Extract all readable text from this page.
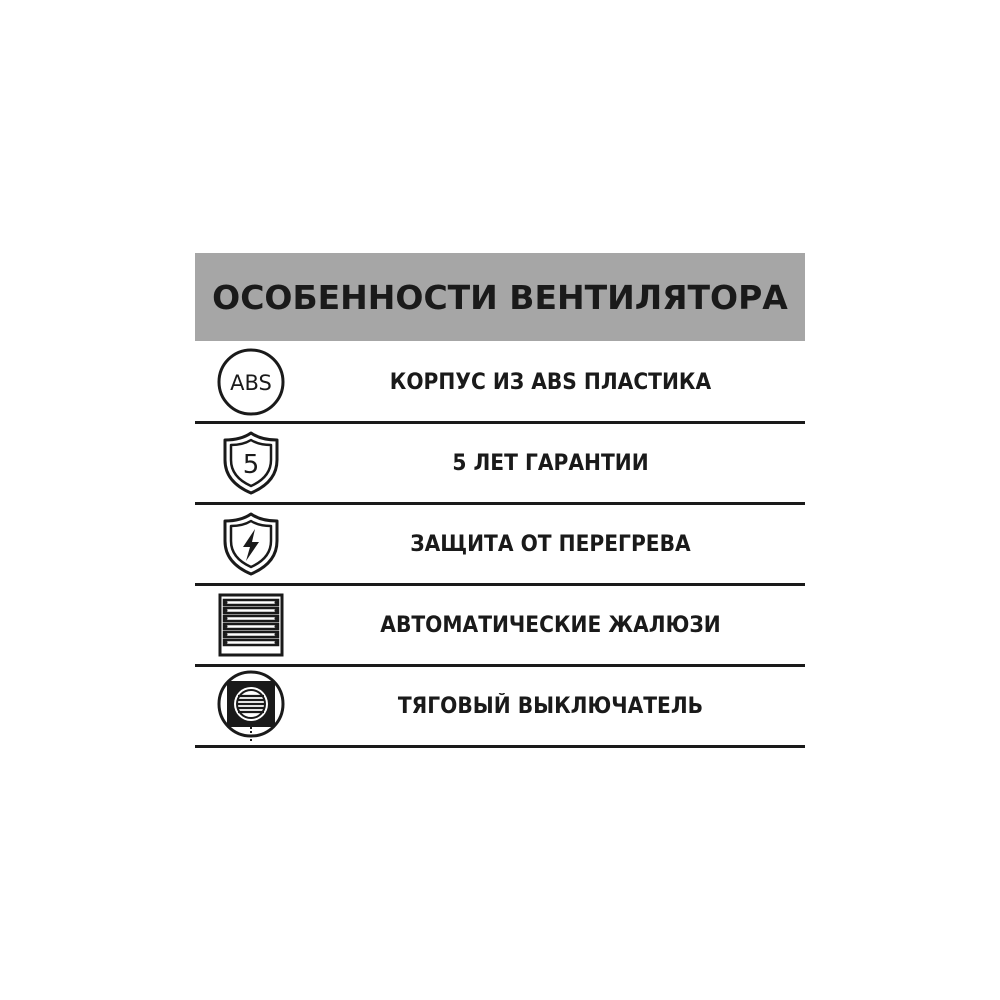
ОСОБЕННОСТИ ВЕНТИЛЯТОРА
ABS	КОРПУС ИЗ ABS ПЛАСТИКА
5	5 ЛЕТ ГАРАНТИИ
ЗАЩИТА ОТ ПЕРЕГРЕВА
АВТОМАТИЧЕСКИЕ ЖАЛЮЗИ
ТЯГОВЫЙ ВЫКЛЮЧАТЕЛЬ
